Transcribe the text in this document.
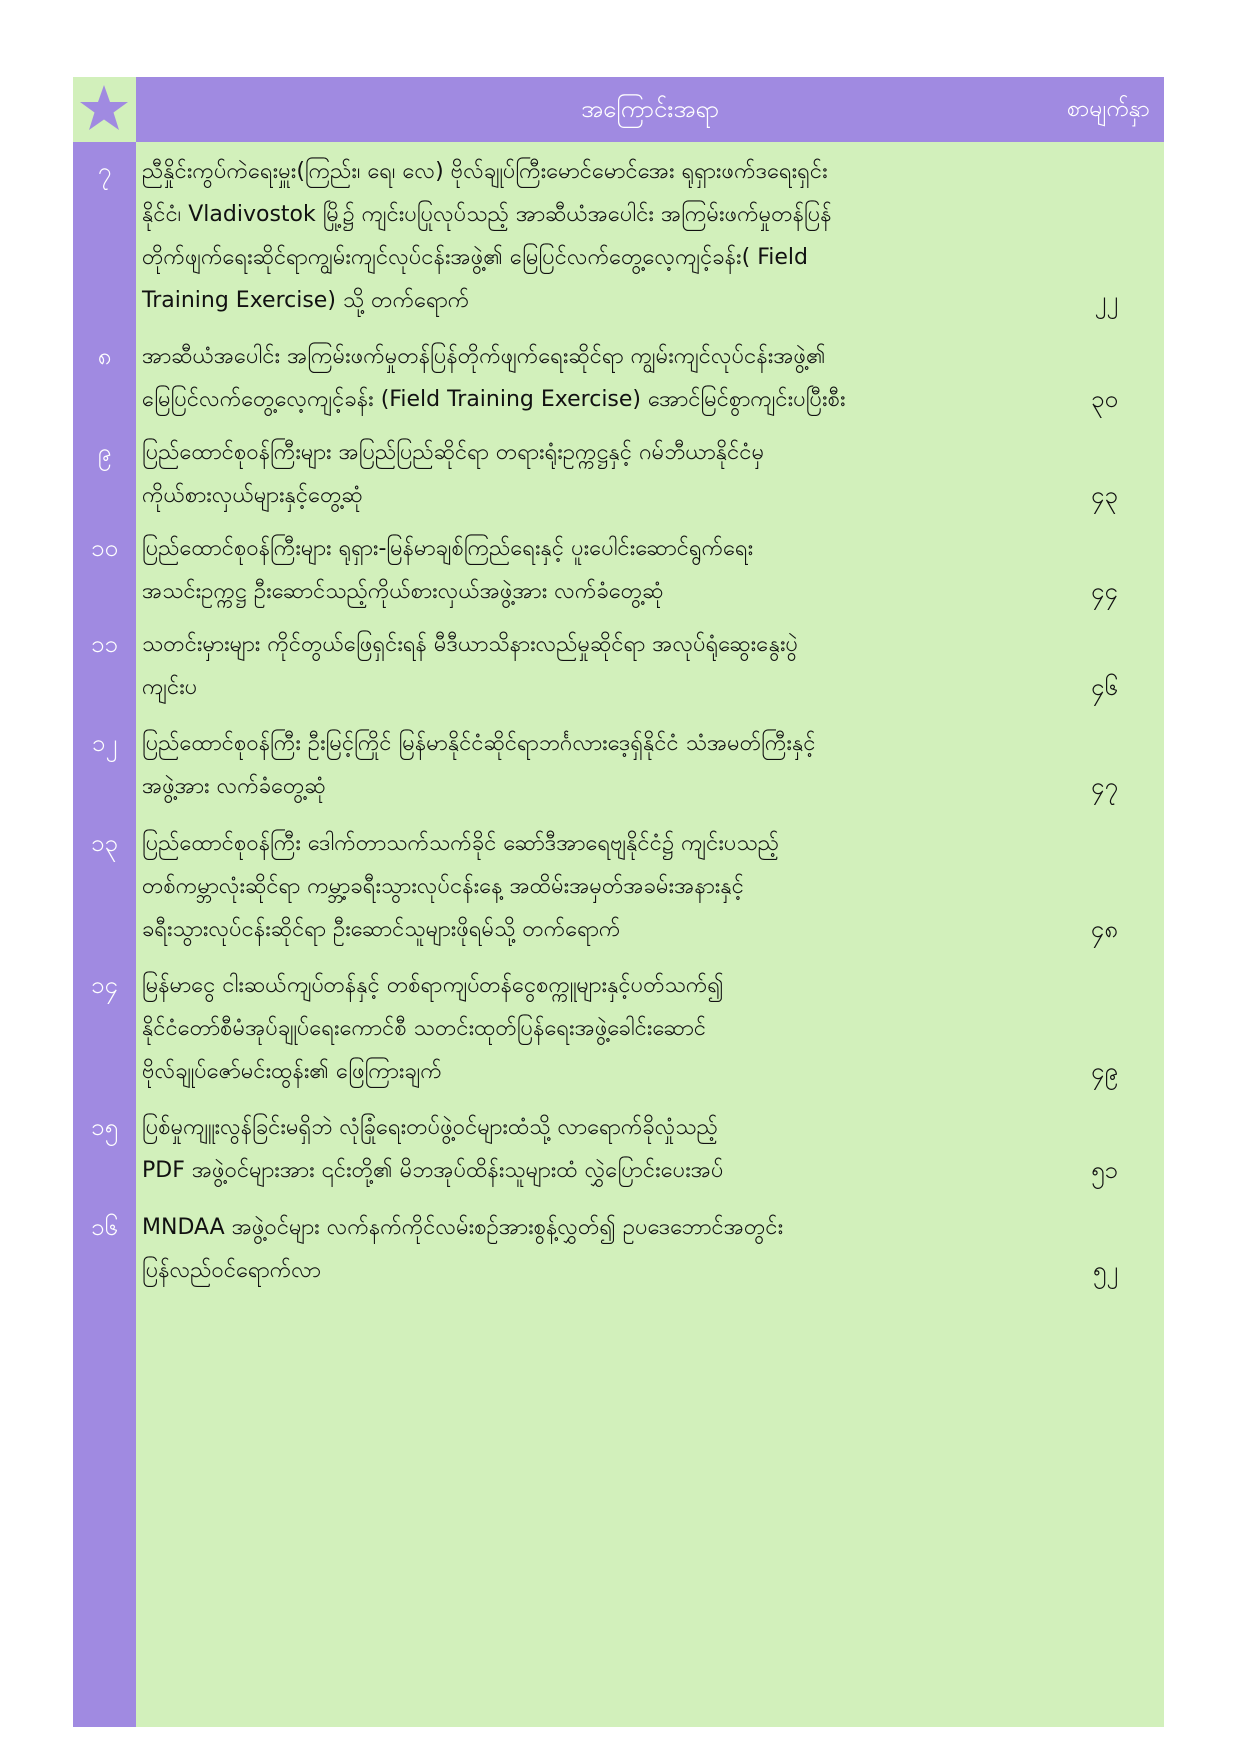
အကြောင်းအရာ	စာမျက်နှာ
၇	ညီနှိုင်းကွပ်ကဲရေးမှူး(ကြည်း၊ ရေ၊ လေ) ဗိုလ်ချုပ်ကြီးမောင်မောင်အေး ရုရှားဖက်ဒရေးရှင်း
နိုင်ငံ၊ Vladivostok မြို့၌ ကျင်းပပြုလုပ်သည့် အာဆီယံအပေါင်း အကြမ်းဖက်မှုတန်ပြန်
တိုက်ဖျက်ရေးဆိုင်ရာကျွမ်းကျင်လုပ်ငန်းအဖွဲ့၏ မြေပြင်လက်တွေ့လေ့ကျင့်ခန်း( Field
Training Exercise) သို့ တက်ရောက်	၂၂
၈	အာဆီယံအပေါင်း အကြမ်းဖက်မှုတန်ပြန်တိုက်ဖျက်ရေးဆိုင်ရာ ကျွမ်းကျင်လုပ်ငန်းအဖွဲ့၏
မြေပြင်လက်တွေ့လေ့ကျင့်ခန်း (Field Training Exercise) အောင်မြင်စွာကျင်းပပြီးစီး	၃၀
၉	ပြည်ထောင်စုဝန်ကြီးများ အပြည်ပြည်ဆိုင်ရာ တရားရုံးဥက္ကဋ္ဌနှင့် ဂမ်ဘီယာနိုင်ငံမှ
ကိုယ်စားလှယ်များနှင့်တွေ့ဆုံ	၄၃
၁၀	ပြည်ထောင်စုဝန်ကြီးများ ရုရှား-မြန်မာချစ်ကြည်ရေးနှင့် ပူးပေါင်းဆောင်ရွက်ရေး
အသင်းဥက္ကဋ္ဌ ဦးဆောင်သည့်ကိုယ်စားလှယ်အဖွဲ့အား လက်ခံတွေ့ဆုံ	၄၄
၁၁	သတင်းမှားများ ကိုင်တွယ်ဖြေရှင်းရန် မီဒီယာသိနားလည်မှုဆိုင်ရာ အလုပ်ရုံဆွေးနွေးပွဲ
ကျင်းပ	၄၆
၁၂	ပြည်ထောင်စုဝန်ကြီး ဦးမြင့်ကြိုင် မြန်မာနိုင်ငံဆိုင်ရာဘင်္ဂလားဒေ့ရှ်နိုင်ငံ သံအမတ်ကြီးနှင့်
အဖွဲ့အား လက်ခံတွေ့ဆုံ	၄၇
၁၃	ပြည်ထောင်စုဝန်ကြီး ဒေါက်တာသက်သက်ခိုင် ဆော်ဒီအာရေဗျနိုင်ငံ၌ ကျင်းပသည့်
တစ်ကမ္ဘာလုံးဆိုင်ရာ ကမ္ဘာ့ခရီးသွားလုပ်ငန်းနေ့ အထိမ်းအမှတ်အခမ်းအနားနှင့်
ခရီးသွားလုပ်ငန်းဆိုင်ရာ ဦးဆောင်သူများဖိုရမ်သို့ တက်ရောက်	၄၈
၁၄	မြန်မာငွေ ငါးဆယ်ကျပ်တန်နှင့် တစ်ရာကျပ်တန်ငွေစက္ကူများနှင့်ပတ်သက်၍
နိုင်ငံတော်စီမံအုပ်ချုပ်ရေးကောင်စီ သတင်းထုတ်ပြန်ရေးအဖွဲ့ခေါင်းဆောင်
ဗိုလ်ချုပ်ဇော်မင်းထွန်း၏ ဖြေကြားချက်	၄၉
၁၅	ပြစ်မှုကျူးလွန်ခြင်းမရှိဘဲ လုံခြုံရေးတပ်ဖွဲ့ဝင်များထံသို့ လာရောက်ခိုလှုံသည့်
PDF အဖွဲ့ဝင်များအား ၎င်းတို့၏ မိဘအုပ်ထိန်းသူများထံ လွှဲပြောင်းပေးအပ်	၅၁
၁၆	MNDAA အဖွဲ့ဝင်များ လက်နက်ကိုင်လမ်းစဉ်အားစွန့်လွှတ်၍ ဥပဒေဘောင်အတွင်း
ပြန်လည်ဝင်ရောက်လာ	၅၂
